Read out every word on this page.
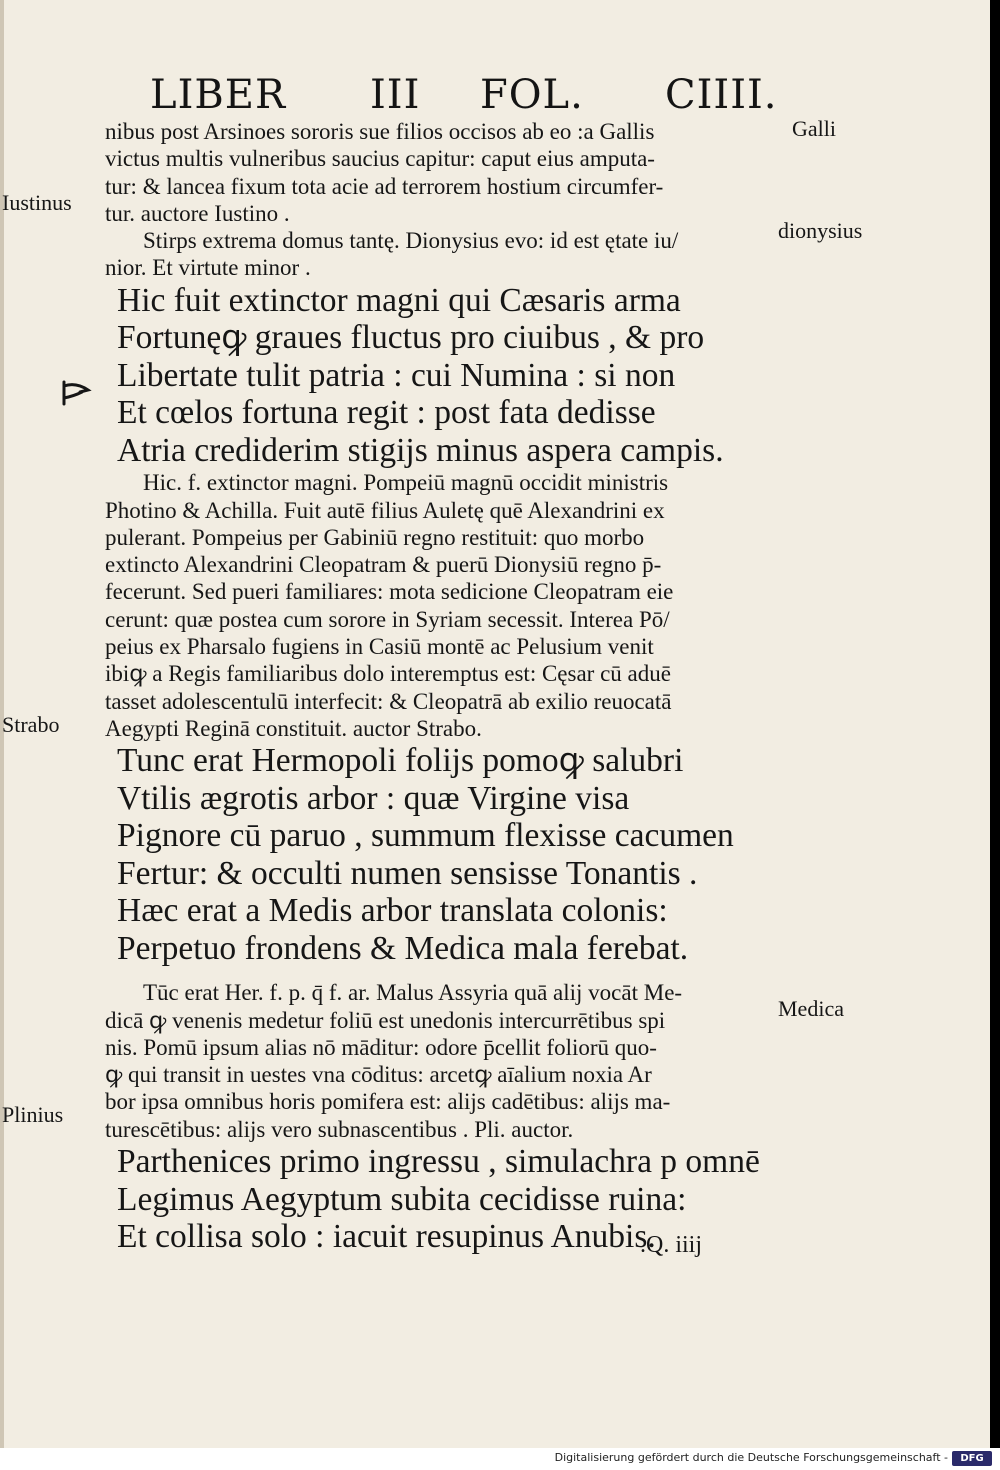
LIBER III FOL. CIIII.
nibus post Arsinoes sororis sue filios occisos ab eo :a Gallis
victus multis vulneribus saucius capitur: caput eius amputa-
tur: & lancea fixum tota acie ad terrorem hostium circumfer-
tur. auctore Iustino .
Stirps extrema domus tantę. Dionysius evo: id est ętate iu/
nior. Et virtute minor .
Hic fuit extinctor magni qui Cæsaris arma
Fortunęꝙ graues fluctus pro ciuibus , & pro
Libertate tulit patria : cui Numina : si non
Et cœlos fortuna regit : post fata dedisse
Atria crediderim stigijs minus aspera campis.
Hic. f. extinctor magni. Pompeiū magnū occidit ministris
Photino & Achilla. Fuit autē filius Auletę quē Alexandrini ex
pulerant. Pompeius per Gabiniū regno restituit: quo morbo
extincto Alexandrini Cleopatram & puerū Dionysiū regno p̄-
fecerunt. Sed pueri familiares: mota sedicione Cleopatram eie
cerunt: quæ postea cum sorore in Syriam secessit. Interea Pō/
peius ex Pharsalo fugiens in Casiū montē ac Pelusium venit
ibiꝙ a Regis familiaribus dolo interemptus est: Cęsar cū aduē
tasset adolescentulū interfecit: & Cleopatrā ab exilio reuocatā
Aegypti Reginā constituit. auctor Strabo.
Tunc erat Hermopoli folijs pomoꝙ salubri
Vtilis ægrotis arbor : quæ Virgine visa
Pignore cū paruo , summum flexisse cacumen
Fertur: & occulti numen sensisse Tonantis .
Hæc erat a Medis arbor translata colonis:
Perpetuo frondens & Medica mala ferebat.
Tūc erat Her. f. p. q̄ f. ar. Malus Assyria quā alij vocāt Me-
dicā ꝙ venenis medetur foliū est unedonis intercurrētibus spi
nis. Pomū ipsum alias nō māditur: odore p̄cellit foliorū quo-
ꝙ qui transit in uestes vna cōditus: arcetꝙ aīalium noxia Ar
bor ipsa omnibus horis pomifera est: alijs cadētibus: alijs ma-
turescētibus: alijs vero subnascentibus . Pli. auctor.
Parthenices primo ingressu , simulachra p omnē
Legimus Aegyptum subita cecidisse ruina:
Et collisa solo : iacuit resupinus Anubis.
Galli
Iustinus
dionysius
Strabo
Medica
Plinius
.Q. iiij
Digitalisierung gefördert durch die Deutsche Forschungsgemeinschaft -	DFG
